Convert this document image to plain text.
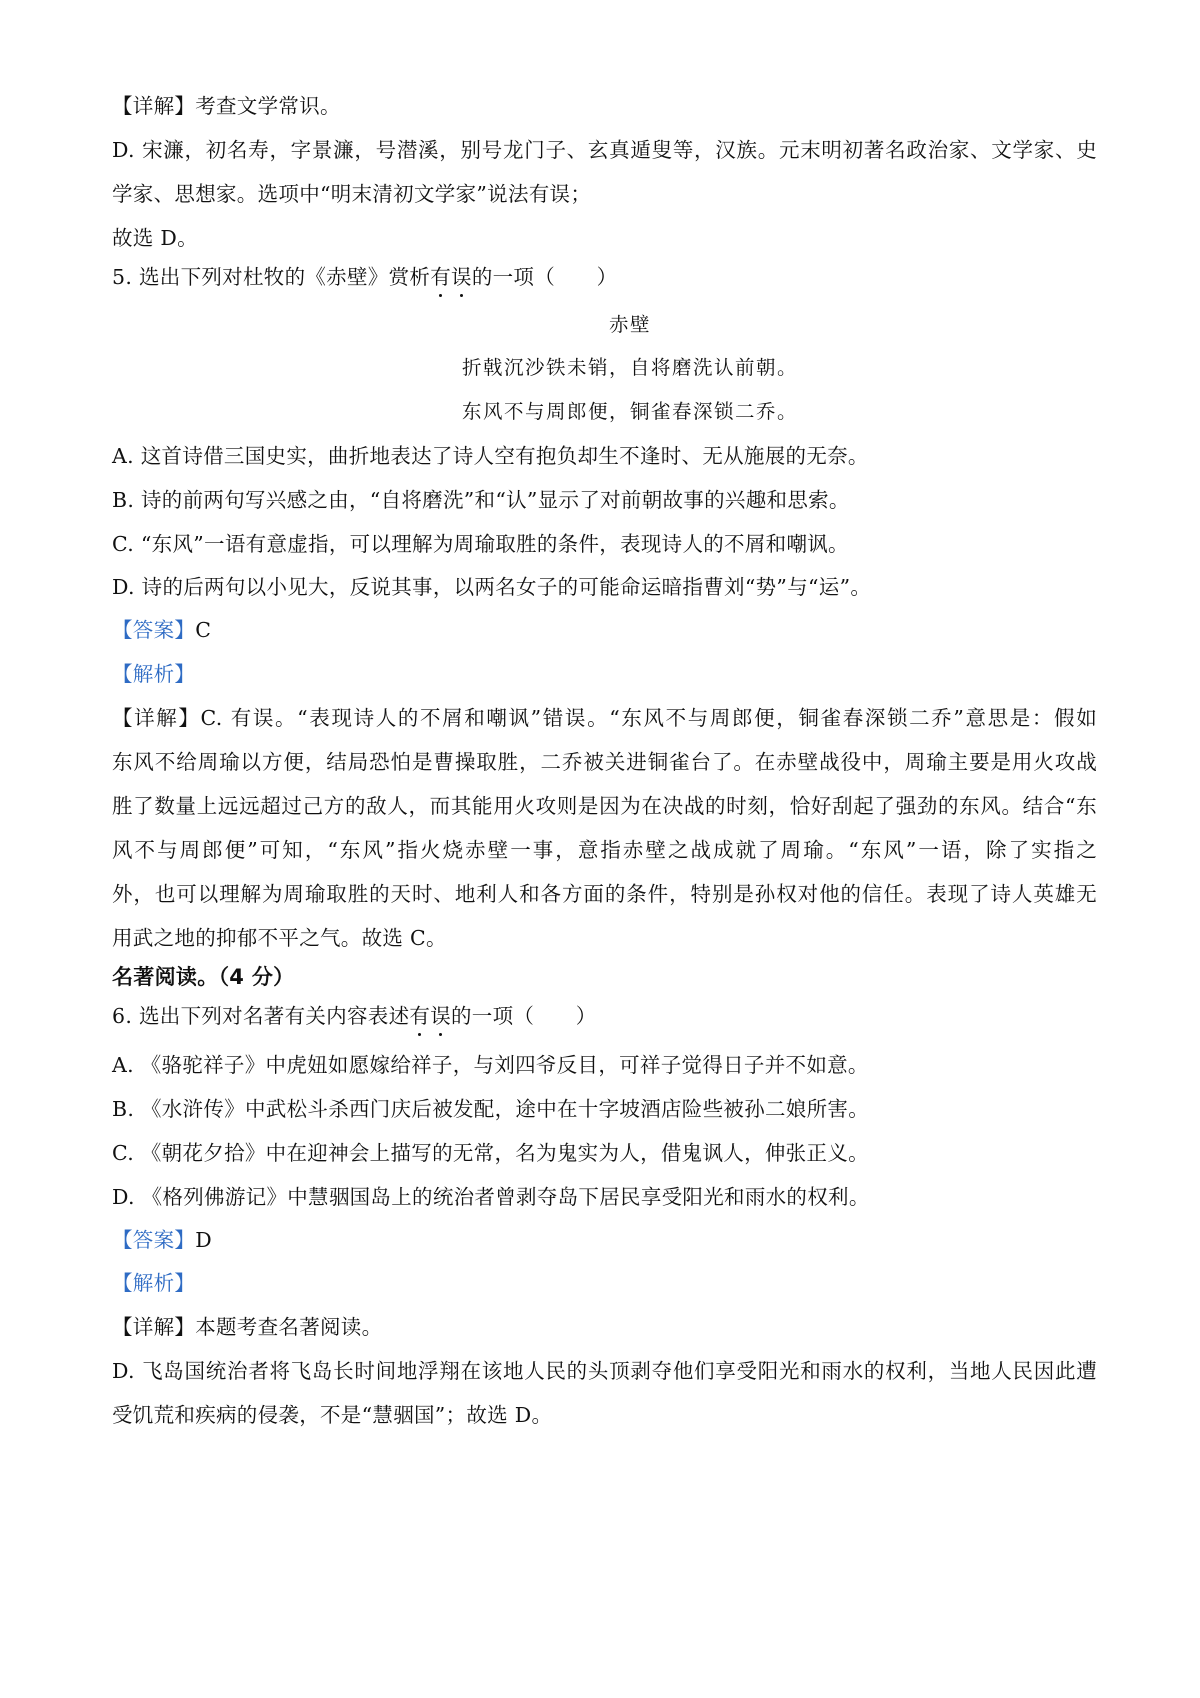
【详解】考查文学常识。
D. 宋濂，初名寿，字景濂，号潜溪，别号龙门子、玄真遁叟等，汉族。元末明初著名政治家、文学家、史
学家、思想家。选项中“明末清初文学家”说法有误；
故选 D。
5. 选出下列对杜牧的《赤壁》赏析有误的一项（　　）
赤壁
折戟沉沙铁未销，自将磨洗认前朝。
东风不与周郎便，铜雀春深锁二乔。
A. 这首诗借三国史实，曲折地表达了诗人空有抱负却生不逢时、无从施展的无奈。
B. 诗的前两句写兴感之由，“自将磨洗”和“认”显示了对前朝故事的兴趣和思索。
C. “东风”一语有意虚指，可以理解为周瑜取胜的条件，表现诗人的不屑和嘲讽。
D. 诗的后两句以小见大，反说其事，以两名女子的可能命运暗指曹刘“势”与“运”。
【答案】C
【解析】
【详解】C. 有误。“表现诗人的不屑和嘲讽”错误。“东风不与周郎便，铜雀春深锁二乔”意思是：假如
东风不给周瑜以方便，结局恐怕是曹操取胜，二乔被关进铜雀台了。在赤壁战役中，周瑜主要是用火攻战
胜了数量上远远超过己方的敌人，而其能用火攻则是因为在决战的时刻，恰好刮起了强劲的东风。结合“东
风不与周郎便”可知，“东风”指火烧赤壁一事，意指赤壁之战成就了周瑜。“东风”一语，除了实指之
外，也可以理解为周瑜取胜的天时、地利人和各方面的条件，特别是孙权对他的信任。表现了诗人英雄无
用武之地的抑郁不平之气。故选 C。
名著阅读。（4 分）
6. 选出下列对名著有关内容表述有误的一项（　　）
A. 《骆驼祥子》中虎妞如愿嫁给祥子，与刘四爷反目，可祥子觉得日子并不如意。
B. 《水浒传》中武松斗杀西门庆后被发配，途中在十字坡酒店险些被孙二娘所害。
C. 《朝花夕拾》中在迎神会上描写的无常，名为鬼实为人，借鬼讽人，伸张正义。
D. 《格列佛游记》中慧骃国岛上的统治者曾剥夺岛下居民享受阳光和雨水的权利。
【答案】D
【解析】
【详解】本题考查名著阅读。
D. 飞岛国统治者将飞岛长时间地浮翔在该地人民的头顶剥夺他们享受阳光和雨水的权利，当地人民因此遭
受饥荒和疾病的侵袭，不是“慧骃国”；故选 D。
